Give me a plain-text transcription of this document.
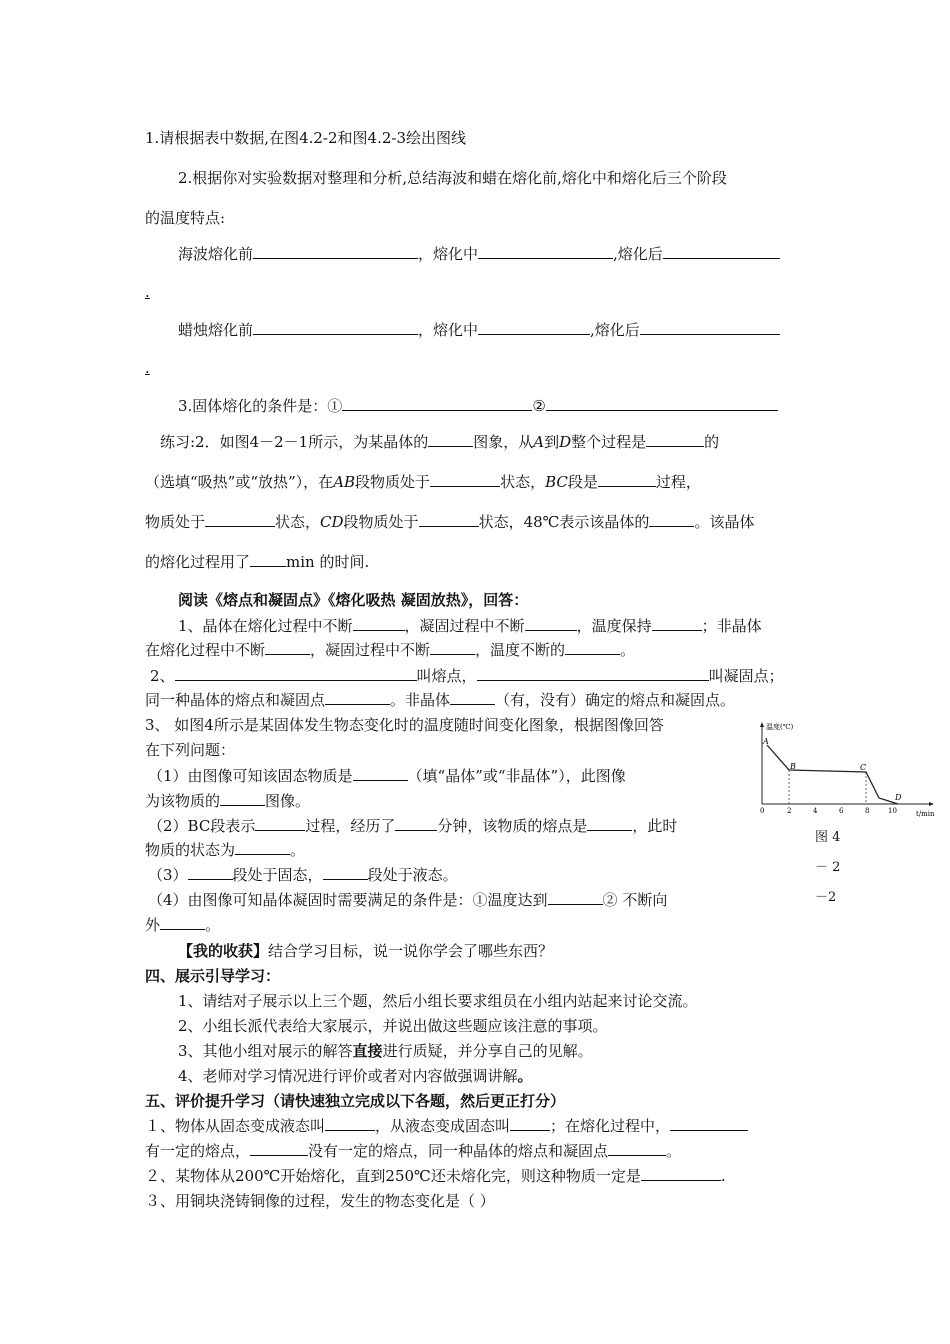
1.请根据表中数据,在图4.2-2和图4.2-3绘出图线
2.根据你对实验数据对整理和分析,总结海波和蜡在熔化前,熔化中和熔化后三个阶段
的温度特点:
海波熔化前	，熔化中	,熔化后
.
蜡烛熔化前	，熔化中	,熔化后
.
3.固体熔化的条件是：①	②
练习:2．如图4－2－1所示，为某晶体的	图象，从A到D整个过程是	的
（选填“吸热”或“放热”），在AB段物质处于	状态，BC段是	过程，
物质处于	状态，CD段物质处于	状态，48℃表示该晶体的	。该晶体
的熔化过程用了 min 的时间.
阅读《熔点和凝固点》《熔化吸热 凝固放热》，回答：
1、晶体在熔化过程中不断	，凝固过程中不断	，温度保持	；非晶体
在熔化过程中不断	，凝固过程中不断	，温度不断的	。
2、	叫熔点，	叫凝固点；
同一种晶体的熔点和凝固点	。非晶体	（有，没有）确定的熔点和凝固点。
3、 如图4所示是某固体发生物态变化时的温度随时间变化图象，根据图像回答
在下列问题：
（1）由图像可知该固态物质是	（填“晶体”或“非晶体”），此图像
为该物质的	图像。
（2）BC段表示	过程，经历了	分钟，该物质的熔点是	，此时
物质的状态为	。
（3）	段处于固态，	段处于液态。
（4）由图像可知晶体凝固时需要满足的条件是：①温度达到	② 不断向
外	。
温度(℃)
t/min
A
B	C
D
0	2	4	6	8	10
图 4
－ 2
－2
【我的收获】结合学习目标，说一说你学会了哪些东西？
四、展示引导学习：
1、请结对子展示以上三个题，然后小组长要求组员在小组内站起来讨论交流。
2、小组长派代表给大家展示，并说出做这些题应该注意的事项。
3、其他小组对展示的解答直接进行质疑，并分享自己的见解。
4、老师对学习情况进行评价或者对内容做强调讲解。
五、评价提升学习（请快速独立完成以下各题，然后更正打分）
１、物体从固态变成液态叫	，从液态变成固态叫	；在熔化过程中，
有一定的熔点，	没有一定的熔点，同一种晶体的熔点和凝固点	。
２、某物体从200℃开始熔化，直到250℃还未熔化完，则这种物质一定是	.
３、用铜块浇铸铜像的过程，发生的物态变化是（ ）
